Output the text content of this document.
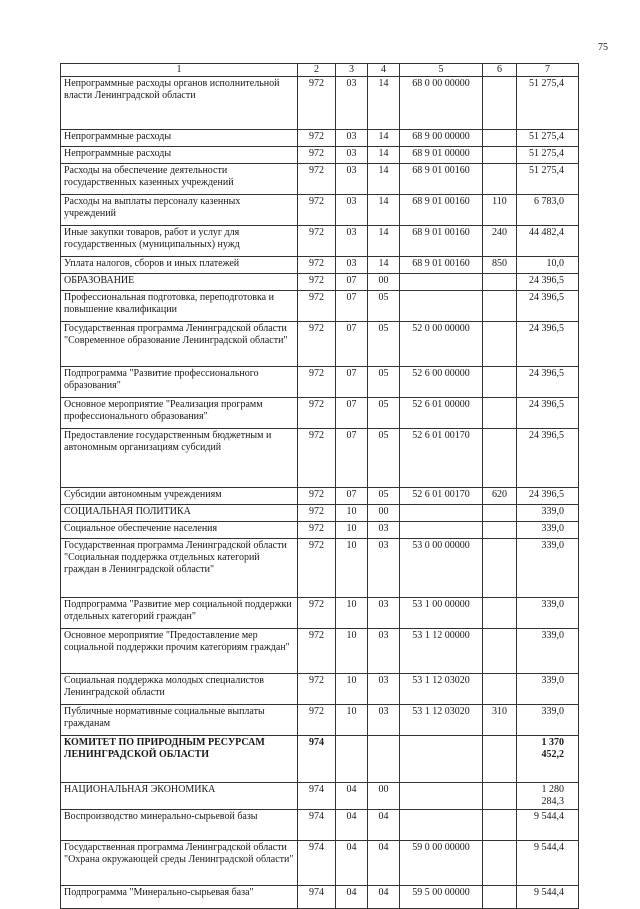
75
1	2	3	4	5	6	7
Непрограммные расходы органов исполнительной власти Ленинградской области	972	03	14	68 0 00 00000		51 275,4
Непрограммные расходы	972	03	14	68 9 00 00000		51 275,4
Непрограммные расходы	972	03	14	68 9 01 00000		51 275,4
Расходы на обеспечение деятельности государственных казенных учреждений	972	03	14	68 9 01 00160		51 275,4
Расходы на выплаты персоналу казенных учреждений	972	03	14	68 9 01 00160	110	6 783,0
Иные закупки товаров, работ и услуг для государственных (муниципальных) нужд	972	03	14	68 9 01 00160	240	44 482,4
Уплата налогов, сборов и иных платежей	972	03	14	68 9 01 00160	850	10,0
ОБРАЗОВАНИЕ	972	07	00			24 396,5
Профессиональная подготовка, переподготовка и повышение квалификации	972	07	05			24 396,5
Государственная программа Ленинградской области "Современное образование Ленинградской области"	972	07	05	52 0 00 00000		24 396,5
Подпрограмма "Развитие профессионального образования"	972	07	05	52 6 00 00000		24 396,5
Основное мероприятие "Реализация программ профессионального образования"	972	07	05	52 6 01 00000		24 396,5
Предоставление государственным бюджетным и автономным организациям субсидий	972	07	05	52 6 01 00170		24 396,5
Субсидии автономным учреждениям	972	07	05	52 6 01 00170	620	24 396,5
СОЦИАЛЬНАЯ ПОЛИТИКА	972	10	00			339,0
Социальное обеспечение населения	972	10	03			339,0
Государственная программа Ленинградской области "Социальная поддержка отдельных категорий граждан в Ленинградской области"	972	10	03	53 0 00 00000		339,0
Подпрограмма "Развитие мер социальной поддержки отдельных категорий граждан"	972	10	03	53 1 00 00000		339,0
Основное мероприятие "Предоставление мер социальной поддержки прочим категориям граждан"	972	10	03	53 1 12 00000		339,0
Социальная поддержка молодых специалистов Ленинградской области	972	10	03	53 1 12 03020		339,0
Публичные нормативные социальные выплаты гражданам	972	10	03	53 1 12 03020	310	339,0
КОМИТЕТ ПО ПРИРОДНЫМ РЕСУРСАМ ЛЕНИНГРАДСКОЙ ОБЛАСТИ	974					1 370 452,2
НАЦИОНАЛЬНАЯ ЭКОНОМИКА	974	04	00			1 280 284,3
Воспроизводство минерально-сырьевой базы	974	04	04			9 544,4
Государственная программа Ленинградской области "Охрана окружающей среды Ленинградской области"	974	04	04	59 0 00 00000		9 544,4
Подпрограмма "Минерально-сырьевая база"	974	04	04	59 5 00 00000		9 544,4
